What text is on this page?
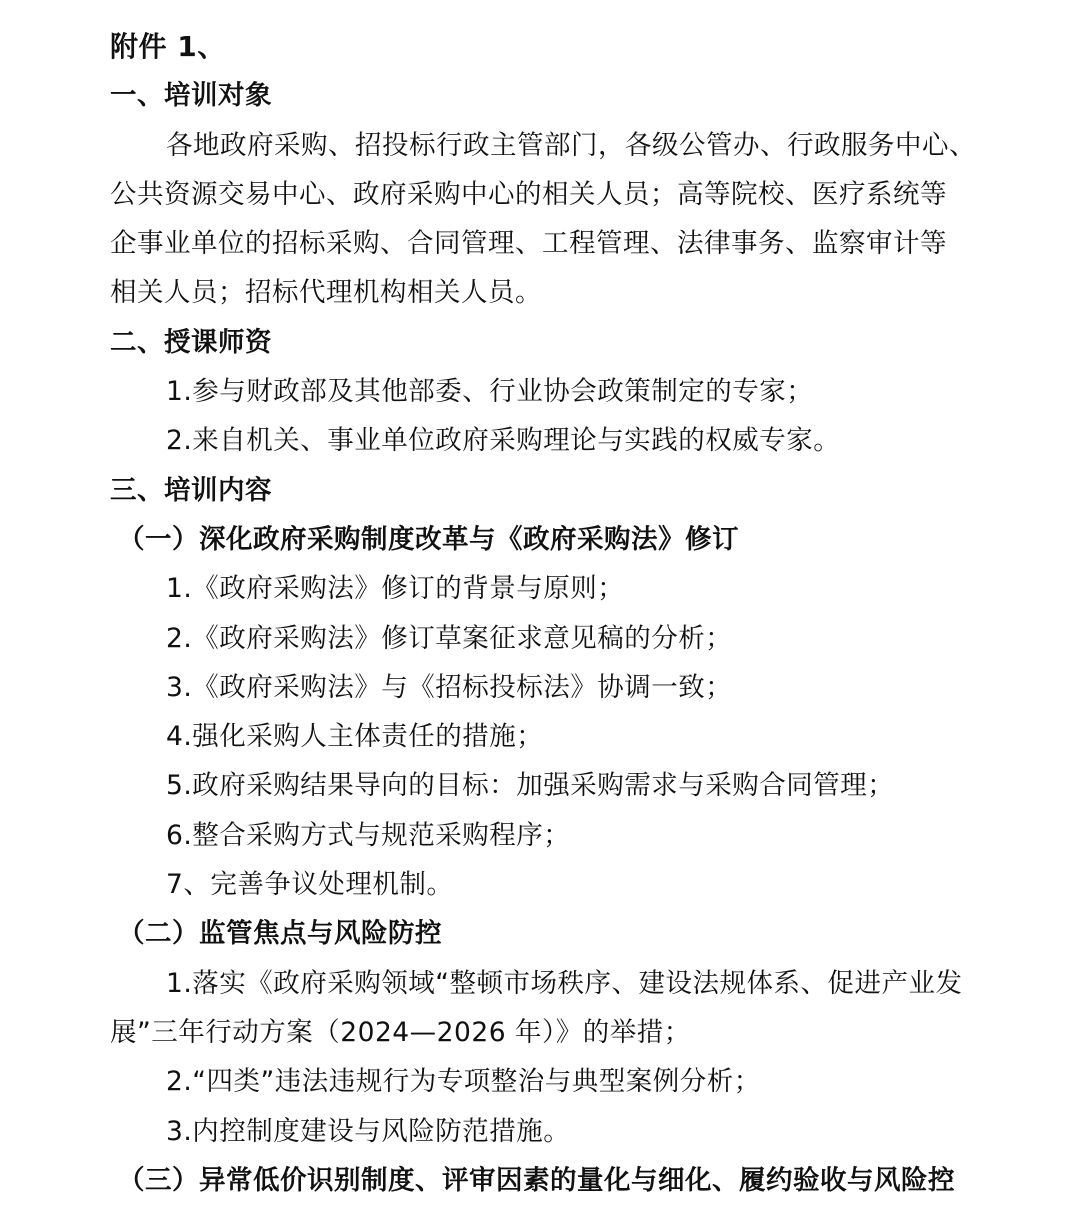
附件 1、
一、培训对象
各地政府采购、招投标行政主管部门，各级公管办、行政服务中心、
公共资源交易中心、政府采购中心的相关人员；高等院校、医疗系统等
企事业单位的招标采购、合同管理、工程管理、法律事务、监察审计等
相关人员；招标代理机构相关人员。
二、授课师资
1.参与财政部及其他部委、行业协会政策制定的专家；
2.来自机关、事业单位政府采购理论与实践的权威专家。
三、培训内容
（一）深化政府采购制度改革与《政府采购法》修订
1.《政府采购法》修订的背景与原则；
2.《政府采购法》修订草案征求意见稿的分析；
3.《政府采购法》与《招标投标法》协调一致；
4.强化采购人主体责任的措施；
5.政府采购结果导向的目标：加强采购需求与采购合同管理；
6.整合采购方式与规范采购程序；
7、完善争议处理机制。
（二）监管焦点与风险防控
1.落实《政府采购领域“整顿市场秩序、建设法规体系、促进产业发
展”三年行动方案（2024—2026 年）》的举措；
2.“四类”违法违规行为专项整治与典型案例分析；
3.内控制度建设与风险防范措施。
（三）异常低价识别制度、评审因素的量化与细化、履约验收与风险控
